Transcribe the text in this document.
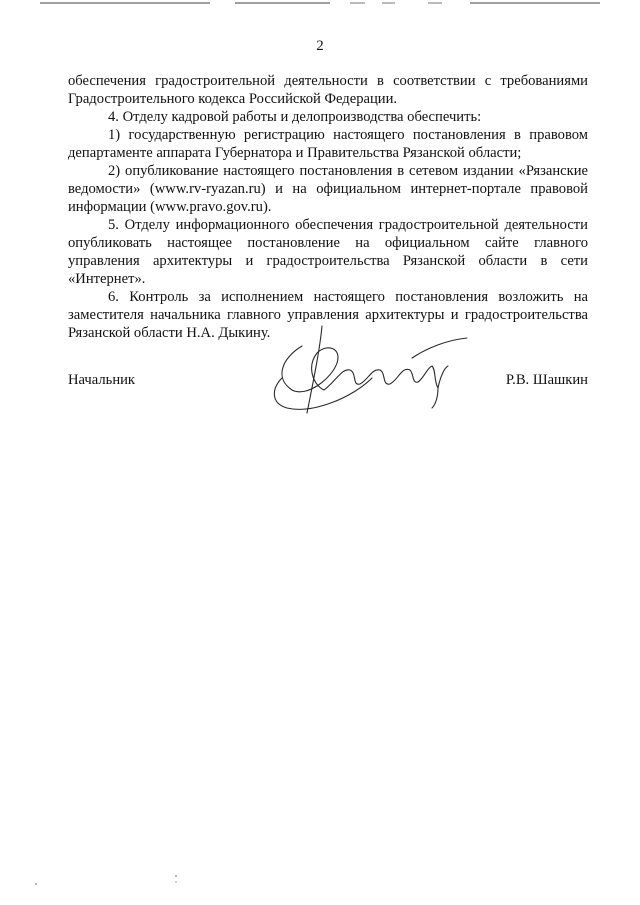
2

обеспечения градостроительной деятельности в соответствии с требованиями Градостроительного кодекса Российской Федерации.

4. Отделу кадровой работы и делопроизводства обеспечить:

1) государственную регистрацию настоящего постановления в правовом департаменте аппарата Губернатора и Правительства Рязанской области;

2) опубликование настоящего постановления в сетевом издании «Рязанские ведомости» (www.rv-ryazan.ru) и на официальном интернет-портале правовой информации (www.pravo.gov.ru).

5. Отделу информационного обеспечения градостроительной деятельности опубликовать настоящее постановление на официальном сайте главного управления архитектуры и градостроительства Рязанской области в сети «Интернет».

6. Контроль за исполнением настоящего постановления возложить на заместителя начальника главного управления архитектуры и градостроительства Рязанской области Н.А. Дыкину.

Начальник	Р.В. Шашкин
